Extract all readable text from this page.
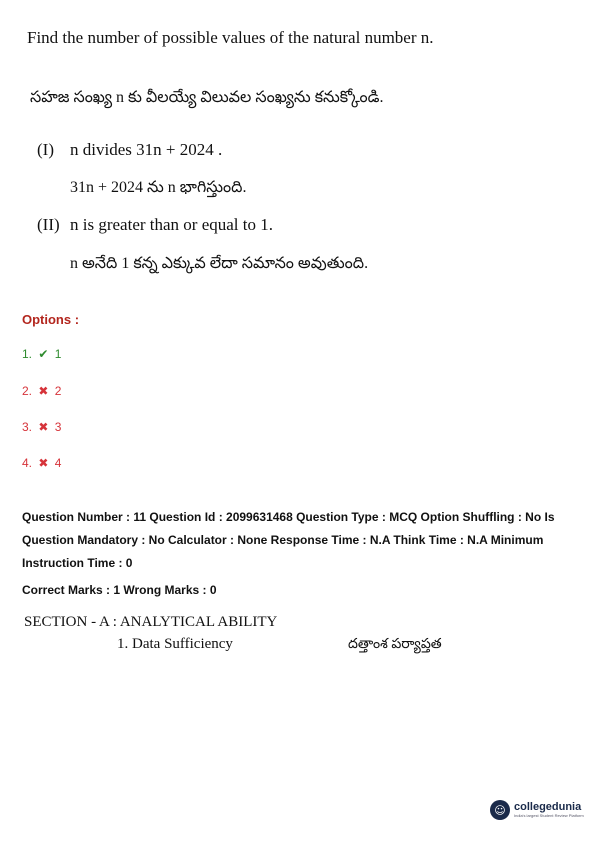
Find the number of possible values of the natural number n.
సహజ సంఖ్య n కు వీలయ్యే విలువల సంఖ్యను కనుక్కోండి.
(I) n divides 31n + 2024 .
31n + 2024 ను n భాగిస్తుంది.
(II) n is greater than or equal to 1.
n అనేది 1 కన్న ఎక్కువ లేదా సమానం అవుతుంది.
Options :
1. ✔ 1
2. ✖ 2
3. ✖ 3
4. ✖ 4
Question Number : 11 Question Id : 2099631468 Question Type : MCQ Option Shuffling : No Is
Question Mandatory : No Calculator : None Response Time : N.A Think Time : N.A Minimum
Instruction Time : 0
Correct Marks : 1 Wrong Marks : 0
SECTION - A : ANALYTICAL ABILITY
1. Data Sufficiency	దత్తాంశ పర్యాప్తత
☺ collegedunia
India's largest Student Review Platform
